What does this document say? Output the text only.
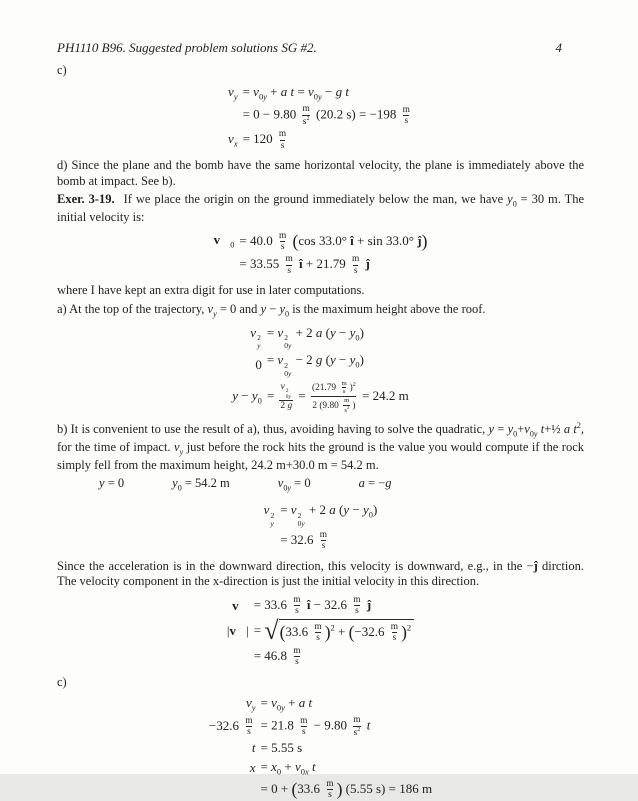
PH1110 B96. Suggested problem solutions SG #2.	4
c)
$v_y = v_{0y} + a$ $t = v_{0y} - g$ t
= $0 - 9.80 \frac{m}{s^2} (20.2$ $s) = -198 \frac{m}{s}$
$v_x = 120 \frac{m}{s}$

d) Since the plane and the bomb have the same horizontal velocity, the plane is immediately above the bomb at impact. See b).

Exer. 3-19. If we place the origin on the ground immediately below the man, we have $y_0 = 30$ m. The initial velocity is:

$v⃗_0 = 40.0 \frac{m}{s} (\cos$ 33.0° î + sin 33.0° ĵ)
= $33.55 \frac{m}{s}$ î + $21.79 \frac{m}{s}$ ĵ

where I have kept an extra digit for use in later computations.

a) At the top of the trajectory, $v_y = 0$ and $y - y_0$ is the maximum height above the roof.

v 2
y
= v 2
0y
+ 2 a $(y - y_0)$
0 = v 2
0y
− 2 g $(y - y_0)$
$y - y_0 = v$ 2
0y
2 $g = \frac{(21.79 \frac{m}{s} )^2}{2 (9.80 \frac{m}{s^2} )} = 24.2$ m

b) It is convenient to use the result of a), thus, avoiding having to solve the quadratic, $y = y_0+v_{0y}$ t+½ a $t^2$, for the time of impact. $v_y$ just before the rock hits the ground is the value you would compute if the rock simply fell from the maximum height, 24.2 m+30.0 m = 54.2 m.

y = 0	$y_0 = 54.2$ m	$v_{0y} = 0$	a = −g
v 2
y
= v 2
0y
+ 2 a $(y - y_0)$
= $32.6 \frac{m}{s}$

Since the acceleration is in the downward direction, this velocity is downward, e.g., in the −ĵ dirction. The velocity component in the x-direction is just the initial velocity in this direction.

v⃗ = $33.6 \frac{m}{s}$ î − $32.6 \frac{m}{s}$ ĵ
|v⃗| = √ $(33.6 \frac{m}{s} )^2 + (-32.6 \frac{m}{s} )^2$
= $46.8 \frac{m}{s}$
c)
$v_y = v_{0y} + a$ t
$-32.6 \frac{m}{s} = 21.8 \frac{m}{s} - 9.80 \frac{m}{s^2}$ t
t = 5.55 s
$x = x_0 + v_{0x}$ t
= $0 + (33.6 \frac{m}{s}$ ) (5.55 s) = 186 m
